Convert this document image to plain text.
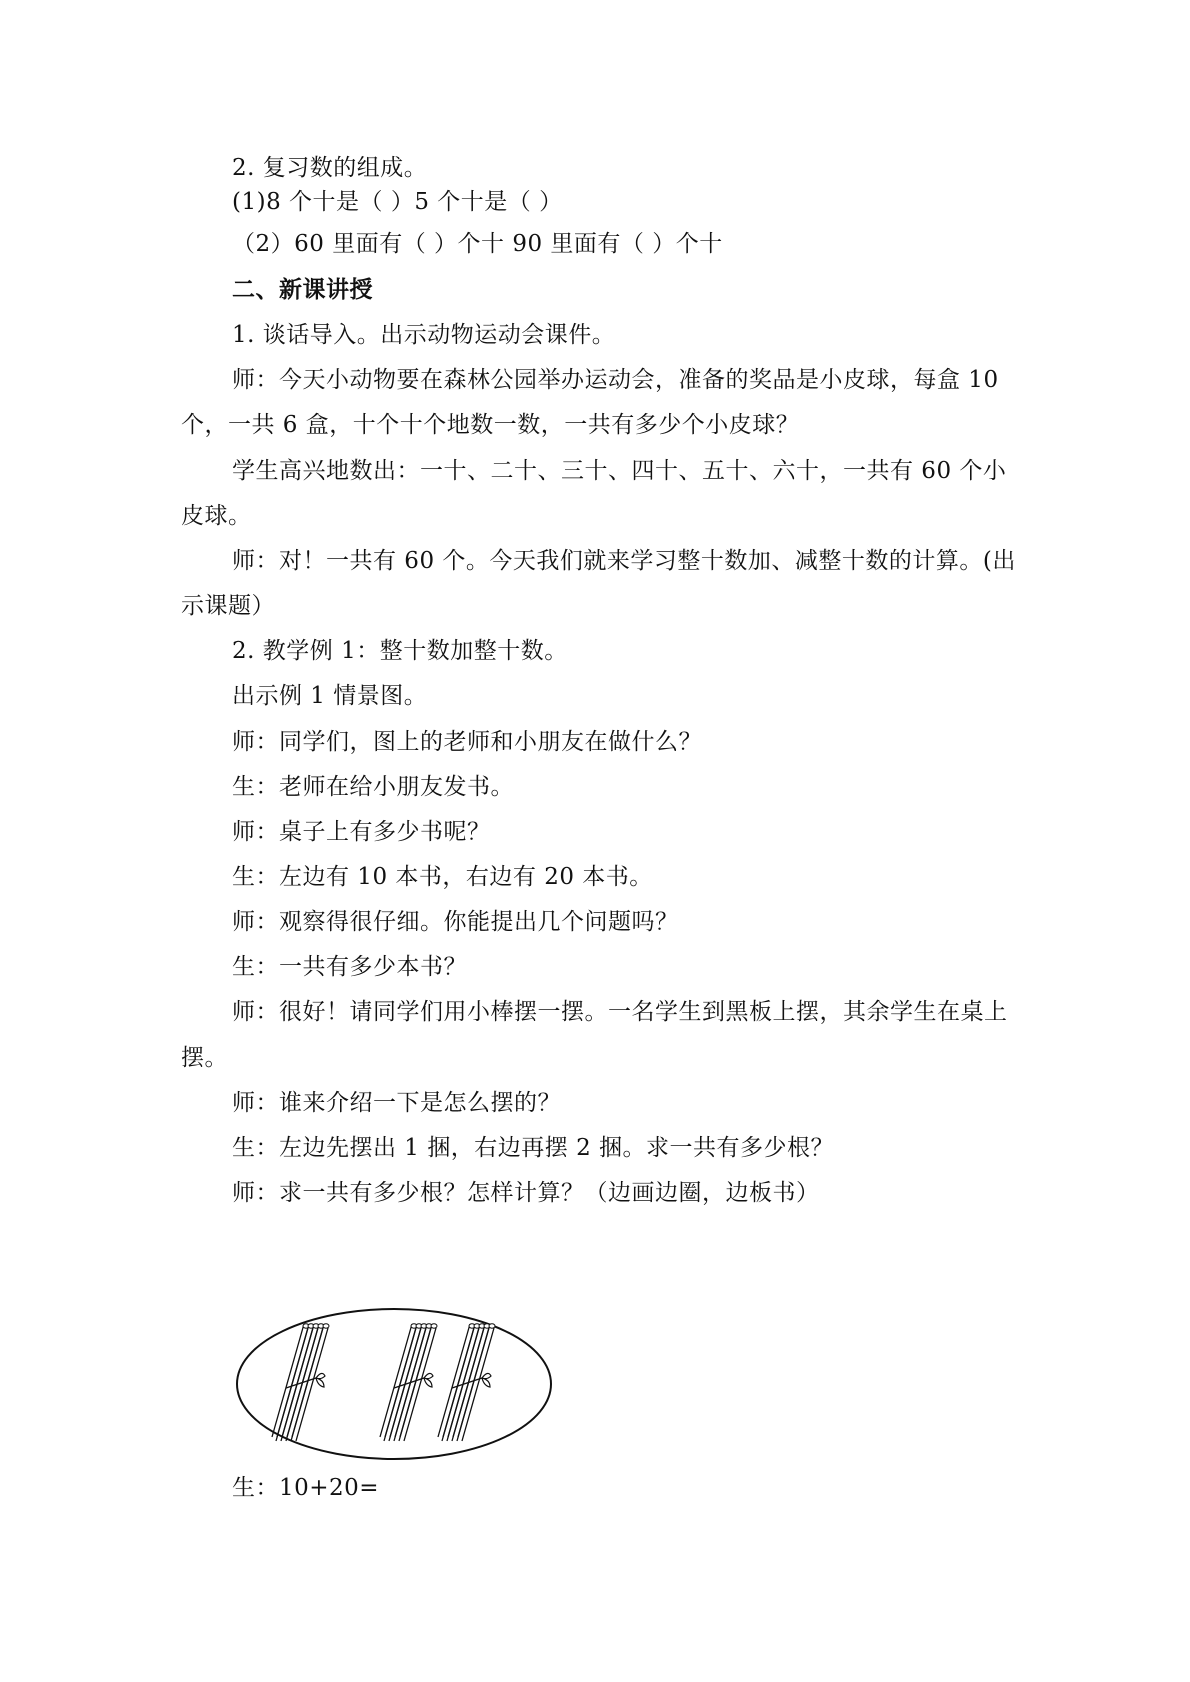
2. 复习数的组成。
(1)8 个十是（ ）5 个十是（ ）
（2）60 里面有（ ）个十 90 里面有（ ）个十
二、新课讲授
1. 谈话导入。出示动物运动会课件。
师：今天小动物要在森林公园举办运动会，准备的奖品是小皮球，每盒 10
个，一共 6 盒，十个十个地数一数，一共有多少个小皮球？
学生高兴地数出：一十、二十、三十、四十、五十、六十，一共有 60 个小
皮球。
师：对！一共有 60 个。今天我们就来学习整十数加、减整十数的计算。(出
示课题）
2. 教学例 1：整十数加整十数。
出示例 1 情景图。
师：同学们，图上的老师和小朋友在做什么？
生：老师在给小朋友发书。
师：桌子上有多少书呢？
生：左边有 10 本书，右边有 20 本书。
师：观察得很仔细。你能提出几个问题吗？
生：一共有多少本书？
师：很好！请同学们用小棒摆一摆。一名学生到黑板上摆，其余学生在桌上
摆。
师：谁来介绍一下是怎么摆的？
生：左边先摆出 1 捆，右边再摆 2 捆。求一共有多少根？
师：求一共有多少根？怎样计算？（边画边圈，边板书）
生：10+20=
